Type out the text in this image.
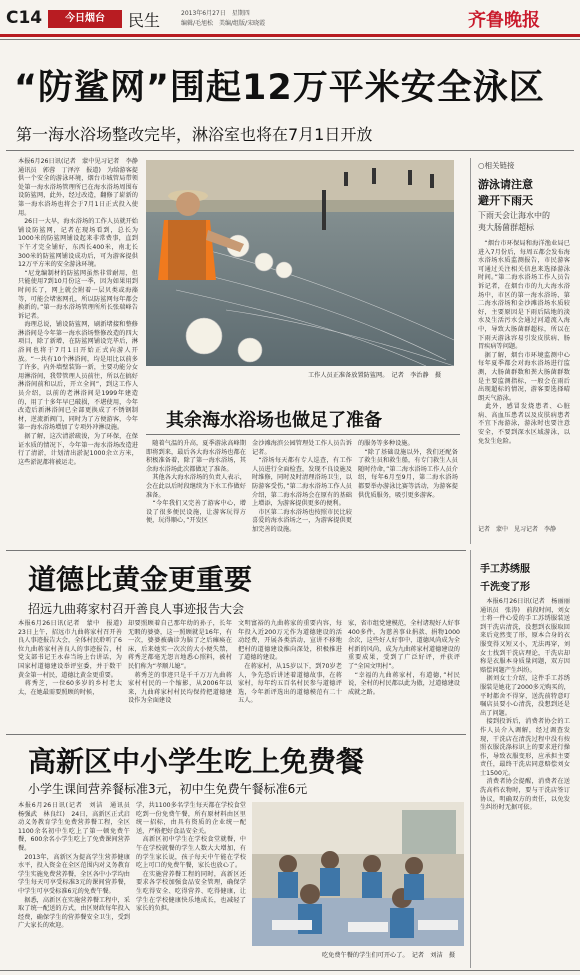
C14	今日烟台	民生	2013年6月27日　星期四
编辑/毛旭松　美编/组版/宋晓霞	齐鲁晚报
“防鲨网”围起12万平米安全泳区
第一海水浴场整改完毕，淋浴室也将在7月1日开放
本报6月26日讯(记者　蒙中见习记者　李静　通讯员　郭蓉　丁泽淳　报道)　为给游客提供一个安全的游泳环境，烟台市城管局带领处第一海水浴场管理所已在海水浴场周围布设防鲨网，此外，经过改造，翻修了崭新的第一海水浴场也将会于7月1日正式投入使用。
　26日一大早，海水浴场的工作人员就开始铺设防鲨网，记者在现场看到，总长为1000米的防鲨网铺设起来非常费事，直到下午才完全铺好，东西长400米，南北长300米的防鲨网铺设成功后，可为游客提供12万平方米的安全游泳环境。
　“尼龙编制材的防鲨网虽然非常耐用，但只能使用7到10月份这一季，因为如果用到时间长了，网上就会附着一层贝类或海藻等，可能会堵塞网孔，所以防鲨网每年都会换新的。”第一海水浴场管理所所长张瑞峰告诉记者。
　海理总说，铺设防鲨网，刷新堵接和整修淋浴间是今年第一海水浴场整修改造的四大项目，除了新增，在防鲨网铺设完毕后，淋浴间也将于7月1日开始正式向游人开放。“一共有10个淋浴间，均是用比以前多了许多，内外墙壁装饰一新，主要功能分女用淋浴间，我带管理人员前往，所以在搞好淋浴间前和以后，开立全间”，到这工作人员介绍，以前的老淋浴间是1999年建造的，用了十多年早已破损，不堪使用，今年改造后新淋浴间已全部更换成了不锈钢制材，逆流新阀门，同时为了方便游客，今年第一海水浴场增加了专项外冲淋设施。
　据了解，这次清淤疏浚，为了环保，在保证水质的情况下，今年第一海水浴场改造进行了清淤，计划清出淤泥1000余立方米，这些淤泥都将被运走。
工作人员正准备放置防鲨网。　记者　李治静　摄
其余海水浴场也做足了准备
　随着气温的升高，夏季游泳高峰期即将到来，最后各大海水浴场也都在积极准备着，除了第一海水浴场，其余海水浴场此次都做足了准备。
　其他各大海水浴场的负责人表示，会在此以后时段继续为下水工作做好准备。
　“今年我们又完善了游客中心，增设了很多便民设施，让游客玩得方便，玩得顺心，”开发区
金沙滩海滨公园管理处工作人员告诉记者。
　“浴场每天都有专人巡查，有工作人员进行全面检查，发现不良设施及时维修，同时及时清理浴场卫生，以防游客受伤，”第二海水浴场工作人员介绍，第二海水浴场会在原有的基础上增添，为游客提供更多的便利。
　市区第二海水浴场也按照市民比较喜爱的海水浴场之一，为游客提供更加完善的设施。
的服务等多种设施。
　“除了基础设施以外，我们还配备了救生员和救生船，有专门救生人员随时待命，”第二海水浴场工作人员介绍，每年6月至9月，第二海水浴场都要举办游泳比赛等活动，为游客提供优质服务，吸引更多游客。
○相关链接
游泳请注意
避开下雨天
下雨天会让海水中的
夷大肠菌群超标
　“烟台市环保局和海洋渔业局已进入7月份后，每周五都会发布海水浴场水质监测报告，市民游客可通过关注相关信息来选择游泳时间。”第二海水浴场工作人员告诉记者，在烟台市的九大海水浴场中，市区的第一海水浴场、第二海水浴场和金沙滩浴场水质较好，主要原因是下雨后陆地的淡水及生活污水会通过河道流入海中，导致大肠菌群超标，所以在下雨天游泳容易引发皮肤病、肠胃疾病等问题。
　据了解，烟台市环境监测中心每年夏季都会对海水浴场进行监测，大肠菌群数和粪大肠菌群数是主要监测指标，一般会在雨后出现超标的情况，游客要选择晴朗天气游泳。
　此外，感冒发烧患者、心脏病、高血压患者以及皮肤病患者不宜下海游泳，游泳时也要注意安全，不要到深水区域游泳，以免发生危险。
记者　蒙中　见习记者　李静
道德比黄金更重要
招远九曲蒋家村召开善良人事迹报告大会
本报6月26日讯(记者　蒙中　报道)　23日上午，招远市九曲蒋家村召开善良人事迹报告大会，全体村民聆听了6位九曲蒋家村善良人的事迹报告，村党支部书记王永春当场上台讲话，为国家村道德建设举评室委，并于数干黄金第一村民，道德比黄金更重要。
　蒋秀芝，一位60多岁的乡村老太太，在她最需要照顾的时候，
却要照顾着自己那年幼的孙子，长年无暇的婆婆，这一照顾就是16年，有一次，婆婆被确诊为脑了之后瘫痪在床，后来她实一次次的大小便失禁，蒋秀芝都毫无怨言地悉心照料，被村民们称为“孝顺儿媳”。
　蒋秀芝的事迹只是千千万万九曲蒋家村村民的一个缩影，从2006年以来，九曲蒋家村村民均保持把道德建设作为全面建设
文明富裕的九曲蒋家的重要内容，每年投入近200万元作为道德建设的活动经费，开展各类活动，宣讲不移地把村的道德建设推向深处，积极推进了道德的建设。
　在蒋家村，从15岁以下，到70岁老人，争先恐后讲述着道德故事，在蒋家村，每年约五百名村民参与道德评选，今年新评选出的道德模范有二十五人。
家，省市组党建模范，全村诸现好人好事400多件，为慈善事业捐款、捐物1000余次，这些好人好事中，道德风尚成为全村新的风尚，成为九曲蒋家村道德建设的重要成果，受到了广泛好评，并获评了“全国文明村”。
　“幸福的九曲蒋家村，有道德，”村民说，全村的村民都以此为傲，过道德建设成就之路。
高新区中小学生吃上免费餐
小学生课间营养餐标准3元，初中生免费午餐标准6元
本报6月26日讯(记者　刘洁　通讯员　杨强武　林良红)　24日，高新区正式启动义务教育学生免费营养餐工程，全区1100余名初中生吃上了第一顿免费午餐，600余名小学生吃上了免费课间营养餐。
　2013年，高新区为提高学生营养健康水平，投入资金在全区范围内对义务教育学生实施免费营养餐，全区各中小学均由学生每天可享受标准3元的课间营养餐，中学生可享受标准6元的免费午餐。
　据悉，高新区在实施营养餐工程中，采取了统一配送的方式，由区财政每年投入经费，确保学生的营养餐安全卫生，受到广大家长的欢迎。
学，共1100多名学生每天都在学校食堂吃到一份免费午餐，所有原材料由区里统一招标，由具有资质的企业统一配送，严格把好食品安全关。
　高新区初中学生在学校食堂就餐，中午在学校就餐的学生人数大大增加，有的学生家长说，孩子每天中午能在学校吃上可口的免费午餐，家长也放心了。
　在实施营养餐工程的同时，高新区还要求各学校加强食品安全管理，确保学生吃得安全、吃得营养、吃得健康，让学生在学校健康快乐地成长，也减轻了家长的负担。
吃免费午餐的学生们可开心了。　记者　刘洁　摄
手工苏绣服
千洗变了形
　本报6月26日讯(记者　杨丽丽　通讯员　张涛)　前段时间，刘女士将一件心爱的手工苏绣服装送到干洗店清洗，没想到衣服取回来后竟然变了形，原本合身的衣服变得又短又小，无法再穿，刘女士找到干洗店理论，干洗店却称是衣服本身质量问题，双方因赔偿问题产生纠纷。
　据刘女士介绍，这件手工苏绣服装是她花了2000多元购买的，平时都舍不得穿，送洗前特意叮嘱店员要小心清洗，没想到还是出了问题。
　接到投诉后，消费者协会的工作人员介入调解，经过调查发现，干洗店在清洗过程中没有按照衣服洗涤标识上的要求进行操作，导致衣服变形，应承担主要责任，最终干洗店同意赔偿刘女士1500元。
　消费者协会提醒，消费者在送洗高档衣物时，要与干洗店签订协议，明确双方的责任，以免发生纠纷时无据可依。
